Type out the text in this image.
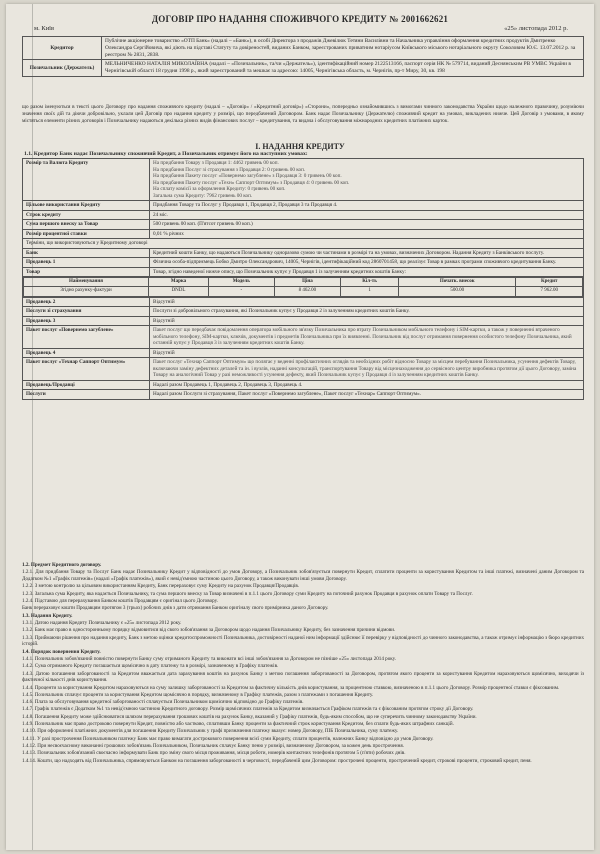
ДОГОВІР ПРО НАДАННЯ СПОЖИВЧОГО КРЕДИТУ № 2001662621
м. Київ	«25» листопада 2012 р.
Кредитор	Публічне акціонерне товариство «ОТП Банк» (надалі – «Банк»), в особі Директора з продажів Джевілюк Тетяни Василівни та Начальника управління оформлення кредитних продуктів Дмитренко Олександра Сергійовича, які діють на підставі Статуту та довіреностей, виданих Банком, зареєстрованих приватним нотаріусом Київського міського нотаріального округу Соколовим Ю.Є. 13.07.2012 р. за реєстром № 2831, 2838.
Позичальник (Держатель)	МЕЛЬНИЧЕНКО НАТАЛІЯ МИКОЛАЇВНА (надалі – «Позичальник», та/чи «Держатель»), ідентифікаційний номер 2122513166, паспорт серія НК № 579714, виданий Деснянським РВ УМВС України в Чернігівській області 18 грудня 1998 р., який зареєстрований та мешкає за адресою: 14005, Чернігівська область, м. Чернігів, пр-т Миру, 30, кв. 198
що разом іменуються в тексті цього Договору про надання споживчого кредиту (надалі – «Договір» / «Кредитний договір») «Сторони», попередньо ознайомившись з вимогами чинного законодавства України щодо належного правочину, розуміючи значення своїх дій та діючи добровільно, уклали цей Договір про надання кредиту у розмірі, що передбачений Договором. Банк надає Позичальнику (Держателю) споживчий кредит на умовах, викладених нижче. Цей Договір з умовами, в якому містяться елементи різних договорів і Позичальнику надаються декілька різних видів фінансових послуг – кредитування, та видача і обслуговування міжнародних кредитних платіжних карток.
І. НАДАННЯ КРЕДИТУ
1.1. Кредитор Банк надає Позичальнику споживчий Кредит, а Позичальник отримує його на наступних умовах:
Розмір та Валюта Кредиту	На придбання Товару з Продавця 1: 4462 гривень 00 коп.
На придбання Послуг зі страхування з Продавця 2: 0 гривень 00 коп.
На придбання Пакету послуг «Повернемо загублене» з Продавця 3: 0 гривень 00 коп.
На придбання Пакету послуг «Техн» Саппорт Оптимум» з Продавця 4: 0 гривень 00 коп.
На сплату комісії за оформлення Кредиту: 0 гривень 00 коп.
Загальна сума Кредиту: 7962 гривень 00 коп.

Цільове використання Кредиту	Придбання Товару та Послуг у Продавця 1, Продавця 2, Продавця 3 та Продавця 4.
Строк кредиту	24 міс.
Сума першого внеску за Товар	500 гривень 00 коп. (П'ятсот гривень 00 коп.)
Розмір процентної ставки	0,01 % річних
Терміни, що використовуються у Кредитному договорі
Банк	Кредитний кошти Банку, що надаються Позичальнику одноразово сумою чи частинами в розмірі та на умовах, визначених Договором. Надання Кредиту з Банківського послугу.
Продавець 1	Фізична особа-підприємець Бобко Дмитро Олександрович, 14005, Чернігів, ідентифікаційний код 2860701458, що реалізує Товар в рамках програми споживчого кредитування Банку.
Товар	Товар, згідно наведеної нижче опису, що Позичальник купує у Продавця 1 із залученням кредитних коштів Банку:

Найменування	Марка	Модель	Ціна	Кіл-ть	Початк. внесок	Кредит
Згідно рахунку-фактури	DNDL	-	8 462.00	1	500.00	7 962.00

Продавець 2	Відсутній
Послуги зі страхування	Послуги зі добровільного страхування, які Позичальник купує у Продавця 2 із залученням кредитних коштів Банку.
Продавець 3	Відсутній
Пакет послуг «Повернемо загублене»	Пакет послуг що передбачає повідомлення оператора мобільного зв'язку Позичальника про втрату Позичальником мобільного телефону і SIM-картки, а також у поверненні втраченого мобільного телефону, SIM-картки, ключів, документів і предметів Позичальника при їх виявленні. Позичальник від послуг отримання повернення особистого телефону Позичальника, який останній купує у Продавця 3 із залученням кредитних коштів Банку.
Продавець 4	Відсутній
Пакет послуг «Технар Саппорт Оптимум»	Пакет послуг «Технар Саппорт Оптимум» що полягає у веденні профілактичних оглядів та необхідних робіт відносно Товару за місцем перебування Позичальника, усунення дефектів Товару, включаючи заміну дефектних деталей та ін. і вузлів, наданні консультацій, транспортування Товару від місцезнаходження до сервісного центру виробника протягом дії цього Договору, заміна Товару на аналогічний Товар у разі неможливості усунення дефекту, який Позичальник купує у Продавця 4 із залученням кредитних коштів Банку.
Продавець/Продавці	Надалі разом Продавець 1, Продавець 2, Продавець 3, Продавець 4.
Послуги	Надалі разом Послуги зі страхування, Пакет послуг «Повернемо загублене», Пакет послуг «Технар» Саппорт Оптимум».

1.2. Предмет Кредитного договору.

1.2.1. Для придбання Товару та Послуг Банк надає Позичальнику Кредит у відповідності до умов Договору, а Позичальник зобов'язується повернути Кредит, сплатити проценти за користування Кредитом та інші платежі, визначені даним Договором та Додатком №1 «Графік платежів» (надалі «Графік платежів»), який є невід'ємною частиною цього Договору, а також виконувати інші умови Договору.

1.2.2. З метою контролю за цільовим використанням Кредиту, Банк перераховує суму Кредиту на рахунок Продавця/Продавців.

1.2.3. Загальна сума Кредиту, яка надається Позичальнику, та сума першого внеску за Товар визначені в п.1.1 цього Договору суми Кредиту на поточний рахунок Продавця в рахунок оплати Товару та Послуг.

1.2.4. Підставою для перерахування Банком коштів Продавцям є оригінал цього Договору.

Банк перераховує кошти Продавцям протягом 3 (трьох) робочих днів з дати отримання Банком оригіналу свого примірника даного Договору.

1.3. Надання Кредиту.

1.3.1. Датою надання Кредиту Позичальнику є «25» листопада 2012 року.

1.3.2. Банк має право в односторонньому порядку відмовитися від свого зобов'язання за Договором щодо надання Позичальнику Кредиту, без зазначення причини відмови.

1.3.3. Приймаючи рішення про надання кредиту, Банк з метою оцінки кредитоспроможності Позичальника, достовірності наданої ним інформації здійснює її перевірку у відповідності до чинного законодавства, а також отримує інформацію з бюро кредитних історій.

1.4. Порядок повернення Кредиту.

1.4.1. Позичальник зобов'язаний повністю повернути Банку суму отриманого Кредиту та виконати всі інші зобов'язання за Договором не пізніше «25» листопада 2014 року.

1.4.2. Сума отриманого Кредиту погашається щомісячно в дату платежу та в розмірі, зазначеному в Графіку платежів.

1.4.3. Датою погашення заборгованості за Кредитом вважається дата зарахування коштів на рахунок Банку з метою погашення заборгованості за Договором, протягом якого проценти за користування Кредитом нараховуються щомісячно, виходячи із фактичної кількості днів користування.

1.4.4. Проценти за користування Кредитом нараховуються на суму залишку заборгованості за Кредитом за фактичну кількість днів користування, за процентною ставкою, визначеною в п.1.1 цього Договору. Розмір процентної ставки є фіксованим.

1.4.5. Позичальник сплачує проценти за користування Кредитом щомісячно в порядку, визначеному в Графіку платежів, разом з платежами з погашення Кредиту.

1.4.6. Плата за обслуговування кредитної заборгованості сплачується Позичальником щомісячно відповідно до Графіку платежів.

1.4.7. Графік платежів є Додатком №1 та невід'ємною частиною Кредитного договору. Розмір щомісячних платежів за Кредитом визначається Графіком платежів та є фіксованим протягом строку дії Договору.

1.4.8. Погашення Кредиту може здійснюватися шляхом перерахування грошових коштів на рахунок Банку, вказаний у Графіку платежів, будь-яким способом, що не суперечить чинному законодавству України.

1.4.9. Позичальник має право достроково повернути Кредит, повністю або частково, сплативши Банку проценти за фактичний строк користування Кредитом, без сплати будь-яких штрафних санкцій.

1.4.10. При оформленні платіжних документів для погашення Кредиту Позичальник у графі призначення платежу вказує: номер Договору, ПІБ Позичальника, суму платежу.

1.4.11. У разі прострочення Позичальником платежу Банк має право вимагати дострокового повернення всієї суми Кредиту, сплати процентів, належних Банку відповідно до умов Договору.

1.4.12. При несвоєчасному виконанні грошових зобов'язань Позичальником, Позичальник сплачує Банку пеню у розмірі, визначеному Договором, за кожен день прострочення.

1.4.13. Позичальник зобов'язаний своєчасно інформувати Банк про зміну свого місця проживання, місця роботи, номерів контактних телефонів протягом 5 (п'яти) робочих днів.

1.4.14. Кошти, що надходять від Позичальника, спрямовуються Банком на погашення заборгованості в черговості, передбаченій цим Договором: прострочені проценти, прострочений кредит, строкові проценти, строковий кредит, пеня.
